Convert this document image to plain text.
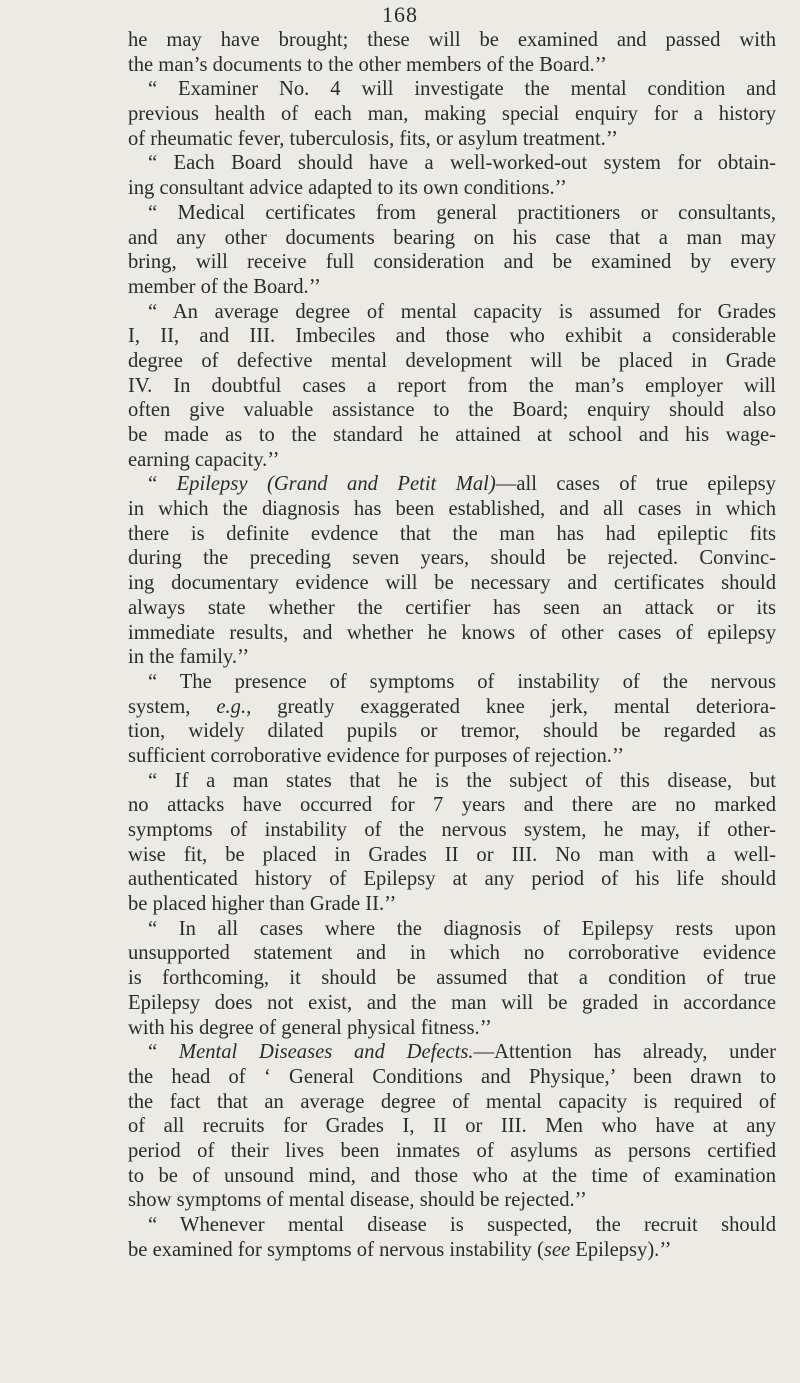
168
he may have brought; these will be examined and passed with
the man’s documents to the other members of the Board.’’
“ Examiner No. 4 will investigate the mental condition and
previous health of each man, making special enquiry for a history
of rheumatic fever, tuberculosis, fits, or asylum treatment.’’
“ Each Board should have a well-worked-out system for obtain-
ing consultant advice adapted to its own conditions.’’
“ Medical certificates from general practitioners or consultants,
and any other documents bearing on his case that a man may
bring, will receive full consideration and be examined by every
member of the Board.’’
“ An average degree of mental capacity is assumed for Grades
I, II, and III. Imbeciles and those who exhibit a considerable
degree of defective mental development will be placed in Grade
IV. In doubtful cases a report from the man’s employer will
often give valuable assistance to the Board; enquiry should also
be made as to the standard he attained at school and his wage-
earning capacity.’’
“ Epilepsy (Grand and Petit Mal)—all cases of true epilepsy
in which the diagnosis has been established, and all cases in which
there is definite evdence that the man has had epileptic fits
during the preceding seven years, should be rejected. Convinc-
ing documentary evidence will be necessary and certificates should
always state whether the certifier has seen an attack or its
immediate results, and whether he knows of other cases of epilepsy
in the family.’’
“ The presence of symptoms of instability of the nervous
system, e.g., greatly exaggerated knee jerk, mental deteriora-
tion, widely dilated pupils or tremor, should be regarded as
sufficient corroborative evidence for purposes of rejection.’’
“ If a man states that he is the subject of this disease, but
no attacks have occurred for 7 years and there are no marked
symptoms of instability of the nervous system, he may, if other-
wise fit, be placed in Grades II or III. No man with a well-
authenticated history of Epilepsy at any period of his life should
be placed higher than Grade II.’’
“ In all cases where the diagnosis of Epilepsy rests upon
unsupported statement and in which no corroborative evidence
is forthcoming, it should be assumed that a condition of true
Epilepsy does not exist, and the man will be graded in accordance
with his degree of general physical fitness.’’
“ Mental Diseases and Defects.—Attention has already, under
the head of ‘ General Conditions and Physique,’ been drawn to
the fact that an average degree of mental capacity is required of
of all recruits for Grades I, II or III. Men who have at any
period of their lives been inmates of asylums as persons certified
to be of unsound mind, and those who at the time of examination
show symptoms of mental disease, should be rejected.’’
“ Whenever mental disease is suspected, the recruit should
be examined for symptoms of nervous instability (see Epilepsy).’’
